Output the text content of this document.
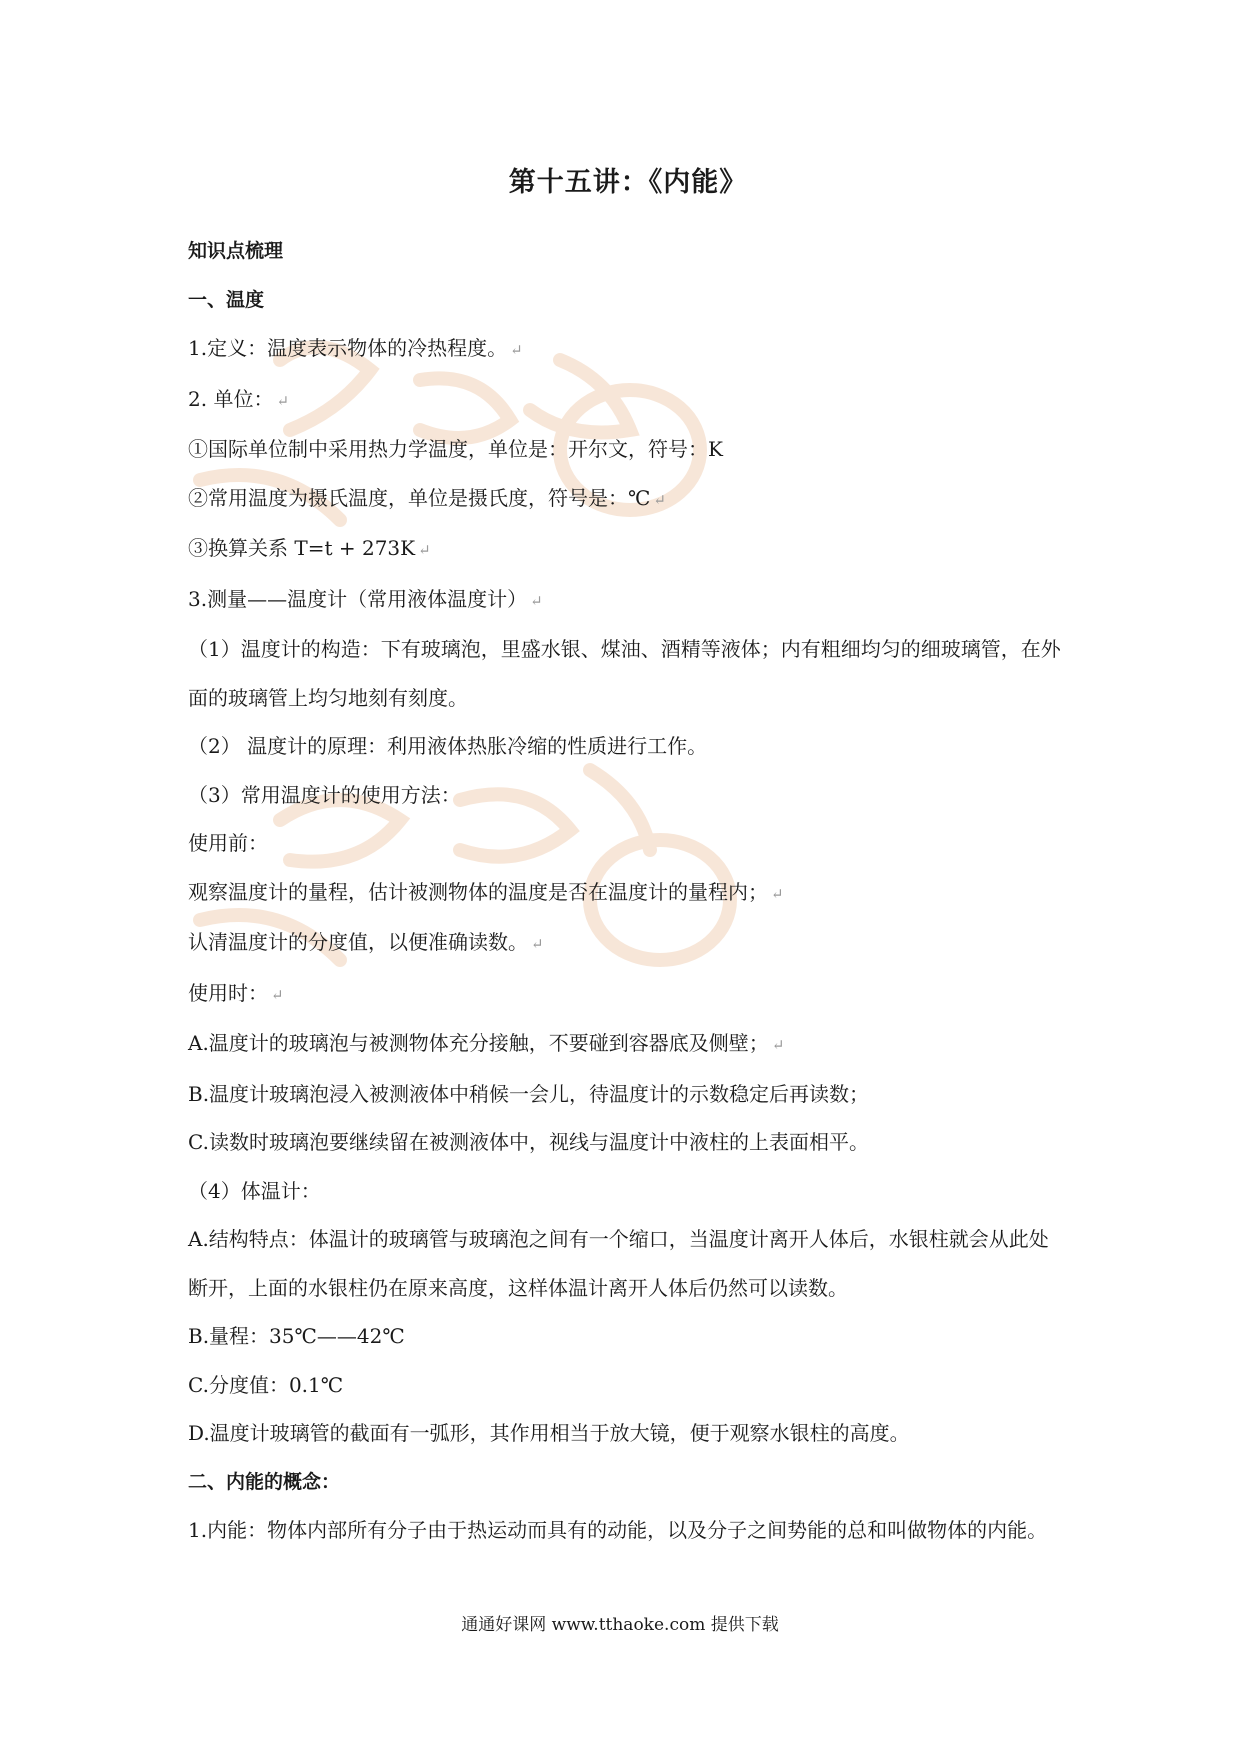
第十五讲：《内能》

知识点梳理

一、温度

1.定义：温度表示物体的冷热程度。 ↵

2. 单位： ↵

①国际单位制中采用热力学温度，单位是：开尔文，符号：K

②常用温度为摄氏温度，单位是摄氏度，符号是：℃ ↵

③换算关系 T=t + 273K ↵

3.测量——温度计（常用液体温度计） ↵

（1）温度计的构造：下有玻璃泡，里盛水银、煤油、酒精等液体；内有粗细均匀的细玻璃管，在外面的玻璃管上均匀地刻有刻度。

（2） 温度计的原理：利用液体热胀冷缩的性质进行工作。

（3）常用温度计的使用方法：

使用前：

观察温度计的量程，估计被测物体的温度是否在温度计的量程内； ↵

认清温度计的分度值，以便准确读数。 ↵

使用时： ↵

A.温度计的玻璃泡与被测物体充分接触，不要碰到容器底及侧壁； ↵

B.温度计玻璃泡浸入被测液体中稍候一会儿，待温度计的示数稳定后再读数；

C.读数时玻璃泡要继续留在被测液体中，视线与温度计中液柱的上表面相平。

（4）体温计：

A.结构特点：体温计的玻璃管与玻璃泡之间有一个缩口，当温度计离开人体后，水银柱就会从此处断开，上面的水银柱仍在原来高度，这样体温计离开人体后仍然可以读数。

B.量程：35℃——42℃

C.分度值：0.1℃

D.温度计玻璃管的截面有一弧形，其作用相当于放大镜，便于观察水银柱的高度。

二、内能的概念：

1.内能：物体内部所有分子由于热运动而具有的动能，以及分子之间势能的总和叫做物体的内能。

通通好课网 www.tthaoke.com 提供下载
